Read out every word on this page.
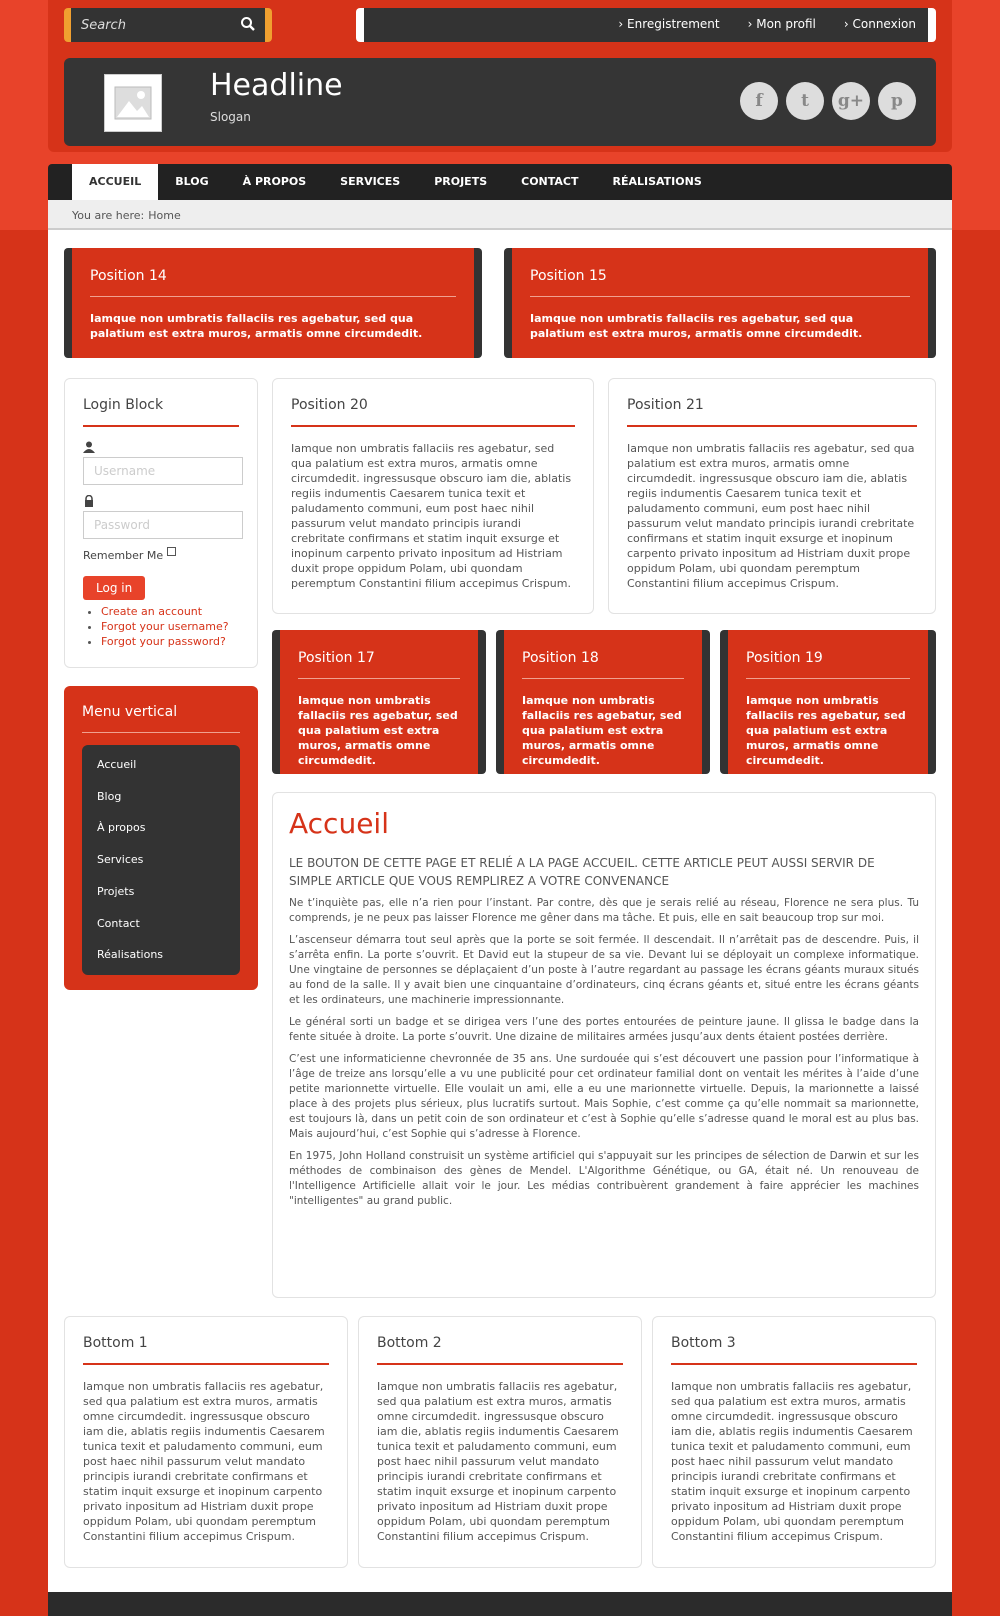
Search
› Enregistrement	› Mon profil	› Connexion
Headline
Slogan
f	t	g+	p
ACCUEIL	BLOG	À PROPOS	SERVICES	PROJETS	CONTACT	RÉALISATIONS
You are here: Home
Position 14

Iamque non umbratis fallaciis res agebatur, sed qua palatium est extra muros, armatis omne circumdedit.

Position 15

Iamque non umbratis fallaciis res agebatur, sed qua palatium est extra muros, armatis omne circumdedit.

Login Block
Username
Remember Me
Log in
• Create an account
• Forgot your username?
• Forgot your password?
Position 20

Iamque non umbratis fallaciis res agebatur, sed qua palatium est extra muros, armatis omne circumdedit. ingressusque obscuro iam die, ablatis regiis indumentis Caesarem tunica texit et paludamento communi, eum post haec nihil passurum velut mandato principis iurandi crebritate confirmans et statim inquit exsurge et inopinum carpento privato inpositum ad Histriam duxit prope oppidum Polam, ubi quondam peremptum Constantini filium accepimus Crispum.

Position 21

Iamque non umbratis fallaciis res agebatur, sed qua palatium est extra muros, armatis omne circumdedit. ingressusque obscuro iam die, ablatis regiis indumentis Caesarem tunica texit et paludamento communi, eum post haec nihil passurum velut mandato principis iurandi crebritate confirmans et statim inquit exsurge et inopinum carpento privato inpositum ad Histriam duxit prope oppidum Polam, ubi quondam peremptum Constantini filium accepimus Crispum.

Position 17

Iamque non umbratis fallaciis res agebatur, sed qua palatium est extra muros, armatis omne circumdedit.

Position 18

Iamque non umbratis fallaciis res agebatur, sed qua palatium est extra muros, armatis omne circumdedit.

Position 19

Iamque non umbratis fallaciis res agebatur, sed qua palatium est extra muros, armatis omne circumdedit.

Bottom 1

Iamque non umbratis fallaciis res agebatur, sed qua palatium est extra muros, armatis omne circumdedit. ingressusque obscuro iam die, ablatis regiis indumentis Caesarem tunica texit et paludamento communi, eum post haec nihil passurum velut mandato principis iurandi crebritate confirmans et statim inquit exsurge et inopinum carpento privato inpositum ad Histriam duxit prope oppidum Polam, ubi quondam peremptum Constantini filium accepimus Crispum.

Bottom 2

Iamque non umbratis fallaciis res agebatur, sed qua palatium est extra muros, armatis omne circumdedit. ingressusque obscuro iam die, ablatis regiis indumentis Caesarem tunica texit et paludamento communi, eum post haec nihil passurum velut mandato principis iurandi crebritate confirmans et statim inquit exsurge et inopinum carpento privato inpositum ad Histriam duxit prope oppidum Polam, ubi quondam peremptum Constantini filium accepimus Crispum.

Bottom 3

Iamque non umbratis fallaciis res agebatur, sed qua palatium est extra muros, armatis omne circumdedit. ingressusque obscuro iam die, ablatis regiis indumentis Caesarem tunica texit et paludamento communi, eum post haec nihil passurum velut mandato principis iurandi crebritate confirmans et statim inquit exsurge et inopinum carpento privato inpositum ad Histriam duxit prope oppidum Polam, ubi quondam peremptum Constantini filium accepimus Crispum.

Menu vertical
Accueil
Blog
À propos
Services
Projets
Contact
Réalisations
Accueil

LE BOUTON DE CETTE PAGE ET RELIÉ A LA PAGE ACCUEIL. CETTE ARTICLE PEUT AUSSI SERVIR DE SIMPLE ARTICLE QUE VOUS REMPLIREZ A VOTRE CONVENANCE

Ne t’inquiète pas, elle n’a rien pour l’instant. Par contre, dès que je serais relié au réseau, Florence ne sera plus. Tu comprends, je ne peux pas laisser Florence me gêner dans ma tâche. Et puis, elle en sait beaucoup trop sur moi.

L’ascenseur démarra tout seul après que la porte se soit fermée. Il descendait. Il n’arrêtait pas de descendre. Puis, il s’arrêta enfin. La porte s’ouvrit. Et David eut la stupeur de sa vie. Devant lui se déployait un complexe informatique. Une vingtaine de personnes se déplaçaient d’un poste à l’autre regardant au passage les écrans géants muraux situés au fond de la salle. Il y avait bien une cinquantaine d’ordinateurs, cinq écrans géants et, situé entre les écrans géants et les ordinateurs, une machinerie impressionnante.

Le général sorti un badge et se dirigea vers l’une des portes entourées de peinture jaune. Il glissa le badge dans la fente située à droite. La porte s’ouvrit. Une dizaine de militaires armées jusqu’aux dents étaient postées derrière.

C’est une informaticienne chevronnée de 35 ans. Une surdouée qui s’est découvert une passion pour l’informatique à l’âge de treize ans lorsqu’elle a vu une publicité pour cet ordinateur familial dont on ventait les mérites à l’aide d’une petite marionnette virtuelle. Elle voulait un ami, elle a eu une marionnette virtuelle. Depuis, la marionnette a laissé place à des projets plus sérieux, plus lucratifs surtout. Mais Sophie, c’est comme ça qu’elle nommait sa marionnette, est toujours là, dans un petit coin de son ordinateur et c’est à Sophie qu’elle s’adresse quand le moral est au plus bas. Mais aujourd’hui, c’est Sophie qui s’adresse à Florence.

En 1975, John Holland construisit un système artificiel qui s'appuyait sur les principes de sélection de Darwin et sur les méthodes de combinaison des gènes de Mendel. L'Algorithme Génétique, ou GA, était né. Un renouveau de l'Intelligence Artificielle allait voir le jour. Les médias contribuèrent grandement à faire apprécier les machines "intelligentes" au grand public.
